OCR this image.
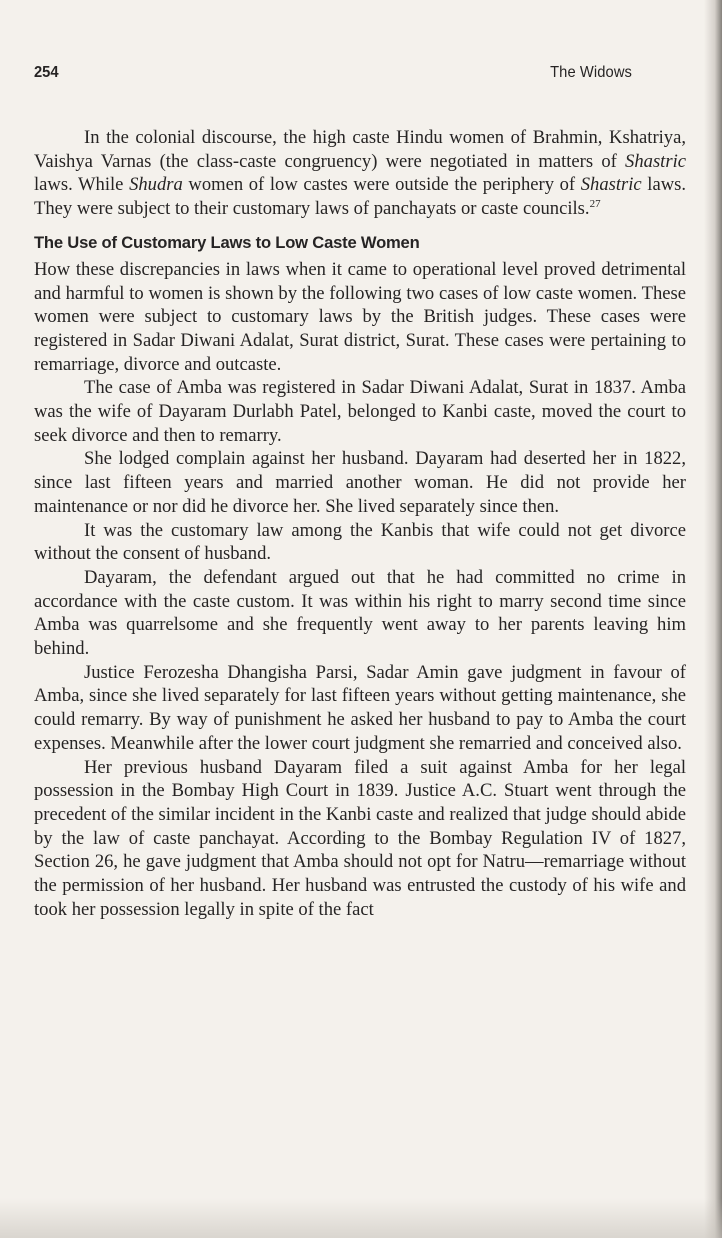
254	The Widows

In the colonial discourse, the high caste Hindu women of Brahmin, Kshatriya, Vaishya Varnas (the class-caste congruency) were negotiated in matters of Shastric laws. While Shudra women of low castes were outside the periphery of Shastric laws. They were subject to their customary laws of panchayats or caste councils.$^{27}$

The Use of Customary Laws to Low Caste Women

How these discrepancies in laws when it came to operational level proved detrimental and harmful to women is shown by the following two cases of low caste women. These women were subject to customary laws by the British judges. These cases were registered in Sadar Diwani Adalat, Surat district, Surat. These cases were pertaining to remarriage, divorce and outcaste.

The case of Amba was registered in Sadar Diwani Adalat, Surat in 1837. Amba was the wife of Dayaram Durlabh Patel, belonged to Kanbi caste, moved the court to seek divorce and then to remarry.

She lodged complain against her husband. Dayaram had deserted her in 1822, since last fifteen years and married another woman. He did not provide her maintenance or nor did he divorce her. She lived separately since then.

It was the customary law among the Kanbis that wife could not get divorce without the consent of husband.

Dayaram, the defendant argued out that he had committed no crime in accordance with the caste custom. It was within his right to marry second time since Amba was quarrelsome and she frequently went away to her parents leaving him behind.

Justice Ferozesha Dhangisha Parsi, Sadar Amin gave judgment in favour of Amba, since she lived separately for last fifteen years without getting maintenance, she could remarry. By way of punishment he asked her husband to pay to Amba the court expenses. Meanwhile after the lower court judgment she remarried and conceived also.

Her previous husband Dayaram filed a suit against Amba for her legal possession in the Bombay High Court in 1839. Justice A.C. Stuart went through the precedent of the similar incident in the Kanbi caste and realized that judge should abide by the law of caste panchayat. According to the Bombay Regulation IV of 1827, Section 26, he gave judgment that Amba should not opt for Natru—remarriage without the permission of her husband. Her husband was entrusted the custody of his wife and took her possession legally in spite of the fact
